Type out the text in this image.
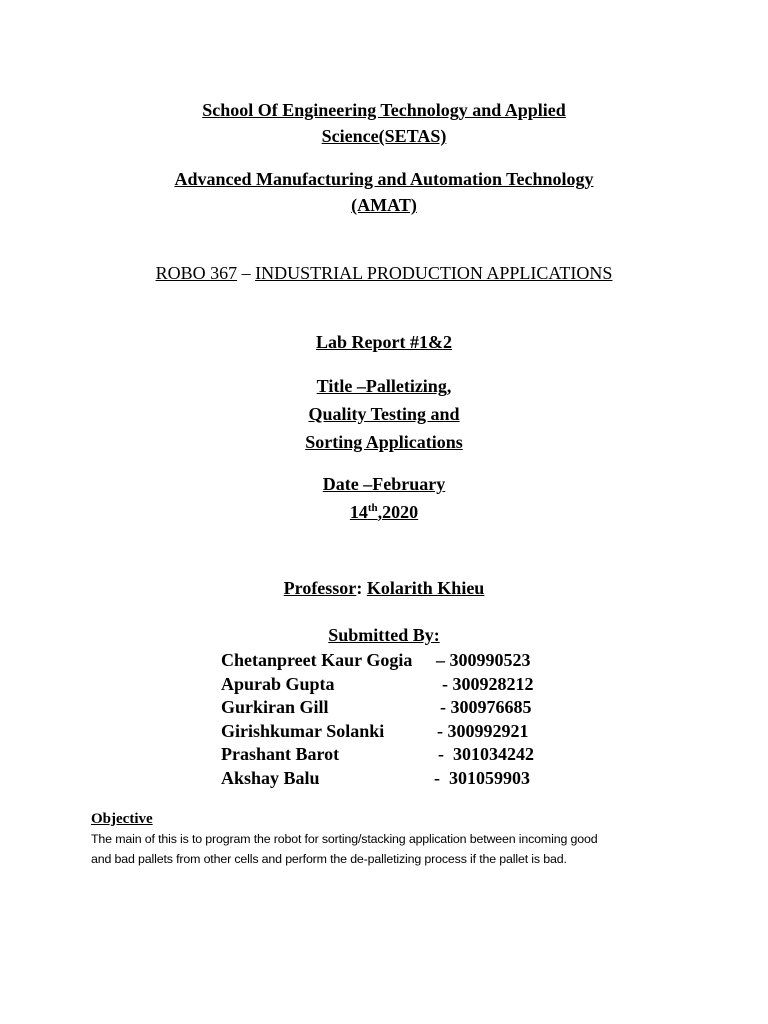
School Of Engineering Technology and Applied
Science(SETAS)
Advanced Manufacturing and Automation Technology
(AMAT)
ROBO 367 – INDUSTRIAL PRODUCTION APPLICATIONS
Lab Report #1&2
Title –Palletizing,
Quality Testing and
Sorting Applications
Date –February
14th,2020
Professor: Kolarith Khieu
Submitted By:
Chetanpreet Kaur Gogia – 300990523
Apurab Gupta	- 300928212
Gurkiran Gill	- 300976685
Girishkumar Solanki	- 300992921
Prashant Barot	-  301034242
Akshay Balu	-  301059903
Objective
The main of this is to program the robot for sorting/stacking application between incoming good
and bad pallets from other cells and perform the de-palletizing process if the pallet is bad.
